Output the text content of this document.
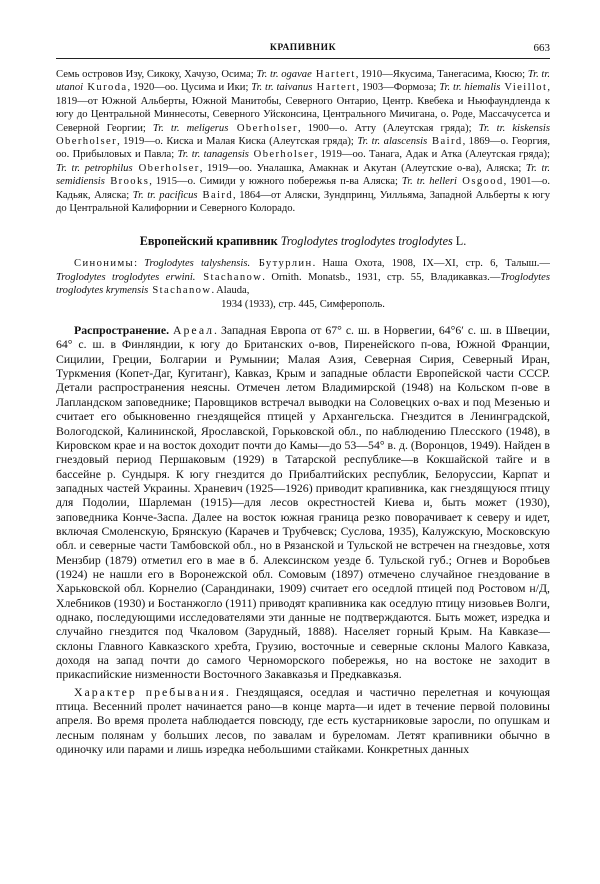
КРАПИВНИК	663

Семь островов Изу, Сикоку, Хачузо, Осима; Tr. tr. ogavae Hartert, 1910—Якусима, Танегасима, Кюсю; Tr. tr. utanoi Kuroda, 1920—оо. Цусима и Ики; Tr. tr. taivanus Hartert, 1903—Формоза; Tr. tr. hiemalis Vieillot, 1819—от Южной Альберты, Южной Манитобы, Северного Онтарио, Центр. Квебека и Ньюфаундленда к югу до Центральной Миннесоты, Северного Уйсконсина, Центрального Мичигана, о. Роде, Массачусетса и Северной Георгии; Tr. tr. meligerus Oberholser, 1900—о. Атту (Алеутская гряда); Tr. tr. kiskensis Oberholser, 1919—о. Киска и Малая Киска (Алеутская гряда); Tr. tr. alascensis Baird, 1869—о. Георгия, оо. Прибыловых и Павла; Tr. tr. tanagensis Oberholser, 1919—оо. Танага, Адак и Атка (Алеутская гряда); Tr. tr. petrophilus Oberholser, 1919—оо. Уналашка, Амакнак и Акутан (Алеутские о-ва), Аляска; Tr. tr. semidiensis Brooks, 1915—о. Симиди у южного побережья п-ва Аляска; Tr. tr. helleri Osgood, 1901—о. Кадьяк, Аляска; Tr. tr. pacificus Baird, 1864—от Аляски, Зундпринц, Уилльяма, Западной Альберты к югу до Центральной Калифорнии и Северного Колорадо.

Европейский крапивник Troglodytes troglodytes troglodytes L.

Синонимы: Troglodytes talyshensis. Бутурлин. Наша Охота, 1908, IX—XI, стр. 6, Талыш.—Troglodytes troglodytes erwini. Stachanow. Ornith. Monatsb., 1931, стр. 55, Владикавказ.—Troglodytes troglodytes krymensis Stachanow. Alauda,
1934 (1933), стр. 445, Симферополь.

Распространение. Ареал. Западная Европа от 67° с. ш. в Норвегии, 64°6′ с. ш. в Швеции, 64° с. ш. в Финляндии, к югу до Британских о-вов, Пиренейского п-ова, Южной Франции, Сицилии, Греции, Болгарии и Румынии; Малая Азия, Северная Сирия, Северный Иран, Туркмения (Копет-Даг, Кугитанг), Кавказ, Крым и западные области Европейской части СССР. Детали распространения неясны. Отмечен летом Владимирской (1948) на Кольском п-ове в Лапландском заповеднике; Паровщиков встречал выводки на Соловецких о-вах и под Мезенью и считает его обыкновенно гнездящейся птицей у Архангельска. Гнездится в Ленинградской, Вологодской, Калининской, Ярославской, Горьковской обл., по наблюдению Плесского (1948), в Кировском крае и на восток доходит почти до Камы—до 53—54° в. д. (Воронцов, 1949). Найден в гнездовый период Першаковым (1929) в Татарской республике—в Кокшайской тайге и в бассейне р. Сундыря. К югу гнездится до Прибалтийских республик, Белоруссии, Карпат и западных частей Украины. Храневич (1925—1926) приводит крапивника, как гнездящуюся птицу для Подолии, Шарлеман (1915)—для лесов окрестностей Киева и, быть может (1930), заповедника Конче-Заспа. Далее на восток южная граница резко поворачивает к северу и идет, включая Смоленскую, Брянскую (Карачев и Трубчевск; Суслова, 1935), Калужскую, Московскую обл. и северные части Тамбовской обл., но в Рязанской и Тульской не встречен на гнездовье, хотя Мензбир (1879) отметил его в мае в б. Алексинском уезде б. Тульской губ.; Огнев и Воробьев (1924) не нашли его в Воронежской обл. Сомовым (1897) отмечено случайное гнездование в Харьковской обл. Корнелио (Сарандинаки, 1909) считает его оседлой птицей под Ростовом н/Д, Хлебников (1930) и Бостанжогло (1911) приводят крапивника как оседлую птицу низовьев Волги, однако, последующими исследователями эти данные не подтверждаются. Быть может, изредка и случайно гнездится под Чкаловом (Зарудный, 1888). Населяет горный Крым. На Кавказе—склоны Главного Кавказского хребта, Грузию, восточные и северные склоны Малого Кавказа, доходя на запад почти до самого Черноморского побережья, но на востоке не заходит в прикаспийские низменности Восточного Закавказья и Предкавказья.

Характер пребывания. Гнездящаяся, оседлая и частично перелетная и кочующая птица. Весенний пролет начинается рано—в конце марта—и идет в течение первой половины апреля. Во время пролета наблюдается повсюду, где есть кустарниковые заросли, по опушкам и лесным полянам у больших лесов, по завалам и буреломам. Летят крапивники обычно в одиночку или парами и лишь изредка небольшими стайками. Конкретных данных
